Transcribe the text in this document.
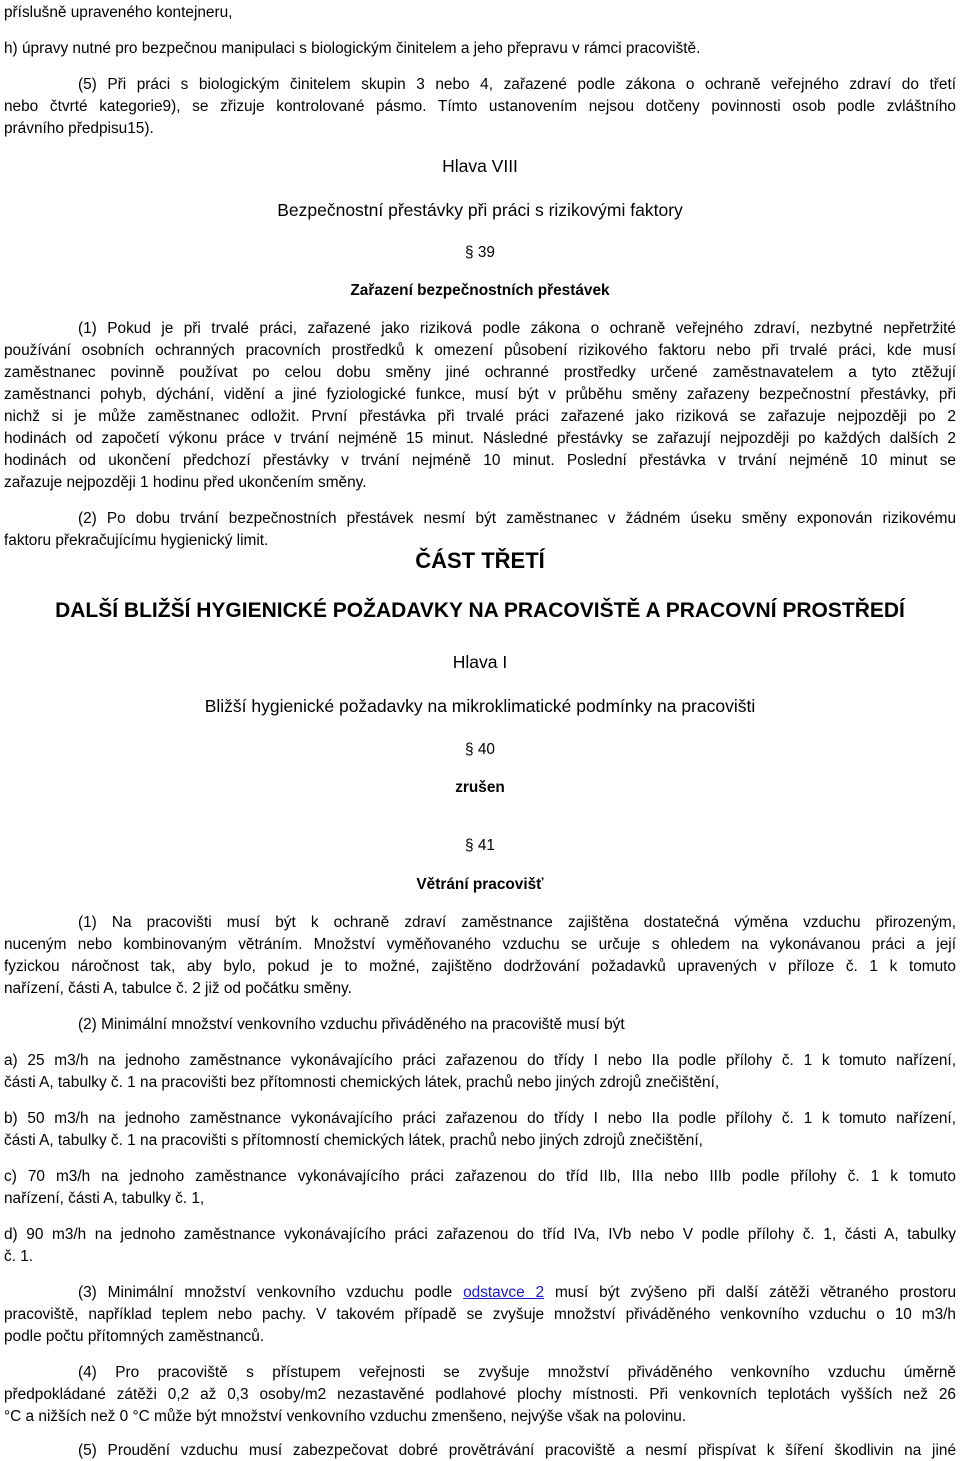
příslušně upraveného kontejneru,
h) úpravy nutné pro bezpečnou manipulaci s biologickým činitelem a jeho přepravu v rámci pracoviště.
(5) Při práci s biologickým činitelem skupin 3 nebo 4, zařazené podle zákona o ochraně veřejného zdraví do třetí
nebo čtvrté kategorie9), se zřizuje kontrolované pásmo. Tímto ustanovením nejsou dotčeny povinnosti osob podle zvláštního
právního předpisu15).
Hlava VIII
Bezpečnostní přestávky při práci s rizikovými faktory
§ 39
Zařazení bezpečnostních přestávek
(1) Pokud je při trvalé práci, zařazené jako riziková podle zákona o ochraně veřejného zdraví, nezbytné nepřetržité
používání osobních ochranných pracovních prostředků k omezení působení rizikového faktoru nebo při trvalé práci, kde musí
zaměstnanec povinně používat po celou dobu směny jiné ochranné prostředky určené zaměstnavatelem a tyto ztěžují
zaměstnanci pohyb, dýchání, vidění a jiné fyziologické funkce, musí být v průběhu směny zařazeny bezpečnostní přestávky, při
nichž si je může zaměstnanec odložit. První přestávka při trvalé práci zařazené jako riziková se zařazuje nejpozději po 2
hodinách od započetí výkonu práce v trvání nejméně 15 minut. Následné přestávky se zařazují nejpozději po každých dalších 2
hodinách od ukončení předchozí přestávky v trvání nejméně 10 minut. Poslední přestávka v trvání nejméně 10 minut se
zařazuje nejpozději 1 hodinu před ukončením směny.
(2) Po dobu trvání bezpečnostních přestávek nesmí být zaměstnanec v žádném úseku směny exponován rizikovému
faktoru překračujícímu hygienický limit.
ČÁST TŘETÍ
DALŠÍ BLIŽŠÍ HYGIENICKÉ POŽADAVKY NA PRACOVIŠTĚ A PRACOVNÍ PROSTŘEDÍ
Hlava I
Bližší hygienické požadavky na mikroklimatické podmínky na pracovišti
§ 40
zrušen
§ 41
Větrání pracovišť
(1) Na pracovišti musí být k ochraně zdraví zaměstnance zajištěna dostatečná výměna vzduchu přirozeným,
nuceným nebo kombinovaným větráním. Množství vyměňovaného vzduchu se určuje s ohledem na vykonávanou práci a její
fyzickou náročnost tak, aby bylo, pokud je to možné, zajištěno dodržování požadavků upravených v příloze č. 1 k tomuto
nařízení, části A, tabulce č. 2 již od počátku směny.
(2) Minimální množství venkovního vzduchu přiváděného na pracoviště musí být
a) 25 m3/h na jednoho zaměstnance vykonávajícího práci zařazenou do třídy I nebo IIa podle přílohy č. 1 k tomuto nařízení,
části A, tabulky č. 1 na pracovišti bez přítomnosti chemických látek, prachů nebo jiných zdrojů znečištění,
b) 50 m3/h na jednoho zaměstnance vykonávajícího práci zařazenou do třídy I nebo IIa podle přílohy č. 1 k tomuto nařízení,
části A, tabulky č. 1 na pracovišti s přítomností chemických látek, prachů nebo jiných zdrojů znečištění,
c) 70 m3/h na jednoho zaměstnance vykonávajícího práci zařazenou do tříd IIb, IIIa nebo IIIb podle přílohy č. 1 k tomuto
nařízení, části A, tabulky č. 1,
d) 90 m3/h na jednoho zaměstnance vykonávajícího práci zařazenou do tříd IVa, IVb nebo V podle přílohy č. 1, části A, tabulky
č. 1.
(3) Minimální množství venkovního vzduchu podle odstavce 2 musí být zvýšeno při další zátěži větraného prostoru
pracoviště, například teplem nebo pachy. V takovém případě se zvyšuje množství přiváděného venkovního vzduchu o 10 m3/h
podle počtu přítomných zaměstnanců.
(4) Pro pracoviště s přístupem veřejnosti se zvyšuje množství přiváděného venkovního vzduchu úměrně
předpokládané zátěži 0,2 až 0,3 osoby/m2 nezastavěné podlahové plochy místnosti. Při venkovních teplotách vyšších než 26
°C a nižších než 0 °C může být množství venkovního vzduchu zmenšeno, nejvýše však na polovinu.
(5) Proudění vzduchu musí zabezpečovat dobré provětrávání pracoviště a nesmí přispívat k šíření škodlivin na jiné
